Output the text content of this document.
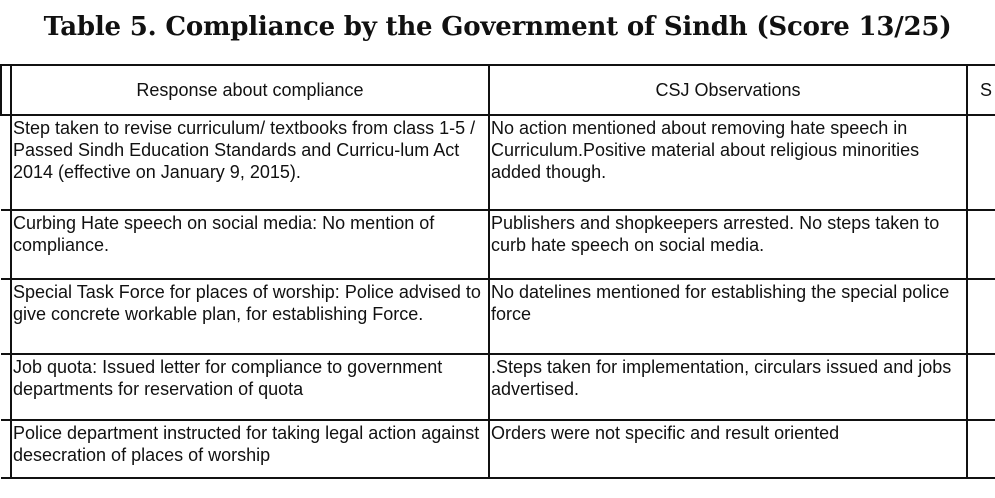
Table 5. Compliance by the Government of Sindh (Score 13/25)
	Response about compliance	CSJ Observations	S
	Step taken to revise curriculum/ textbooks from class 1-5 / Passed Sindh Education Standards and Curricu-lum Act 2014 (effective on January 9, 2015).	No action mentioned about removing hate speech in Curriculum.Positive material about religious minorities added though.	
	Curbing Hate speech on social media: No mention of compliance.	Publishers and shopkeepers arrested. No steps taken to curb hate speech on social media.	
	Special Task Force for places of worship: Police advised to give concrete workable plan, for establishing Force.	No datelines mentioned for establishing the special police force	
	Job quota: Issued letter for compliance to government departments for reservation of quota	.Steps taken for implementation, circulars issued and jobs advertised.	
	Police department instructed for taking legal action against desecration of places of worship	Orders were not specific and result oriented	
